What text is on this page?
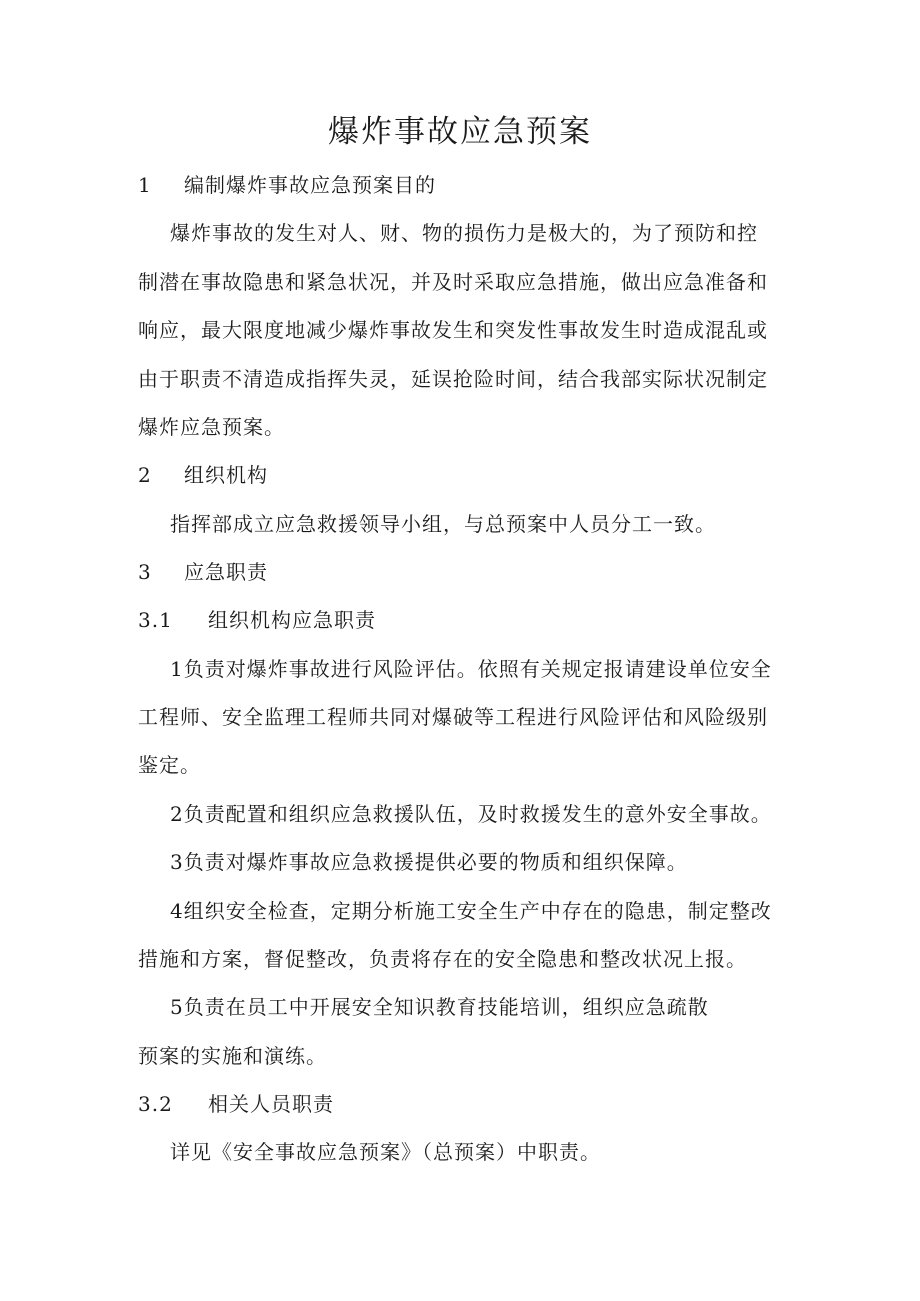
爆炸事故应急预案
1 编制爆炸事故应急预案目的
爆炸事故的发生对人、财、物的损伤力是极大的，为了预防和控
制潜在事故隐患和紧急状况，并及时采取应急措施，做出应急准备和
响应，最大限度地减少爆炸事故发生和突发性事故发生时造成混乱或
由于职责不清造成指挥失灵，延误抢险时间，结合我部实际状况制定
爆炸应急预案。
2 组织机构
指挥部成立应急救援领导小组，与总预案中人员分工一致。
3 应急职责
3.1 组织机构应急职责
1负责对爆炸事故进行风险评估。依照有关规定报请建设单位安全
工程师、安全监理工程师共同对爆破等工程进行风险评估和风险级别
鉴定。
2负责配置和组织应急救援队伍，及时救援发生的意外安全事故。
3负责对爆炸事故应急救援提供必要的物质和组织保障。
4组织安全检查，定期分析施工安全生产中存在的隐患，制定整改
措施和方案，督促整改，负责将存在的安全隐患和整改状况上报。
5负责在员工中开展安全知识教育技能培训，组织应急疏散
预案的实施和演练。
3.2 相关人员职责
详见《安全事故应急预案》（总预案）中职责。
